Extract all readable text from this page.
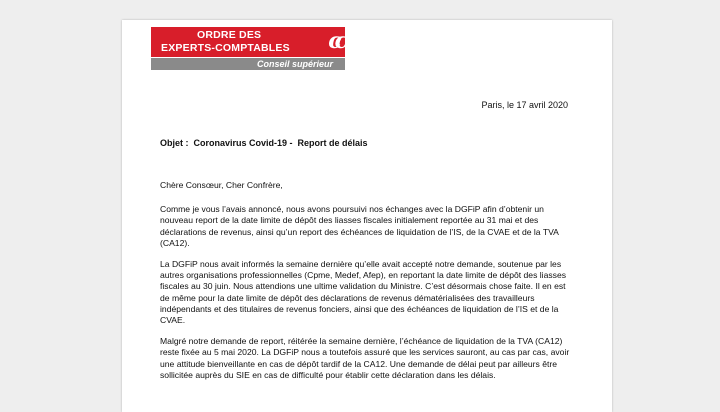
ORDRE DES
EXPERTS-COMPTABLES cc
Conseil supérieur
Paris, le 17 avril 2020
Objet :  Coronavirus Covid-19 -  Report de délais

Chère Consœur, Cher Confrère,

Comme je vous l’avais annoncé, nous avons poursuivi nos échanges avec la DGFiP afin d’obtenir un nouveau report de la date limite de dépôt des liasses fiscales initialement reportée au 31 mai et des déclarations de revenus, ainsi qu’un report des échéances de liquidation de l’IS, de la CVAE et de la TVA (CA12).

La DGFiP nous avait informés la semaine dernière qu’elle avait accepté notre demande, soutenue par les autres organisations professionnelles (Cpme, Medef, Afep), en reportant la date limite de dépôt des liasses fiscales au 30 juin. Nous attendions une ultime validation du Ministre. C’est désormais chose faite. Il en est de même pour la date limite de dépôt des déclarations de revenus dématérialisées des travailleurs indépendants et des titulaires de revenus fonciers, ainsi que des échéances de liquidation de l’IS et de la CVAE.

Malgré notre demande de report, réitérée la semaine dernière, l’échéance de liquidation de la TVA (CA12) reste fixée au 5 mai 2020. La DGFiP nous a toutefois assuré que les services sauront, au cas par cas, avoir une attitude bienveillante en cas de dépôt tardif de la CA12. Une demande de délai peut par ailleurs être sollicitée auprès du SIE en cas de difficulté pour établir cette déclaration dans les délais.
